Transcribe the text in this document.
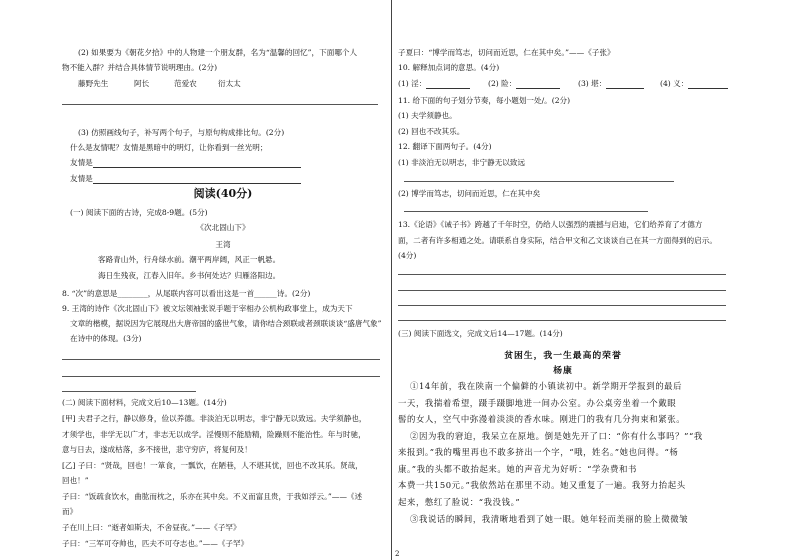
(2) 如果要为《朝花夕拾》中的人物建一个朋友群，名为“温馨的回忆”，下面哪个人
物不能入群？并结合具体情节说明理由。(2分)
藤野先生	阿长	范爱农	衍太太
(3) 仿照画线句子，补写两个句子，与原句构成排比句。(2分)
什么是友情呢？友情是黑暗中的明灯，让你看到一丝光明；
友情是
友情是
阅读(40分)
(一) 阅读下面的古诗，完成8-9题。(5分)
《次北固山下》
王湾
客路青山外，行舟绿水前。潮平两岸阔，风正一帆悬。
海日生残夜，江春入旧年。乡书何处达？归雁洛阳边。
8. “次”的意思是________，从尾联内容可以看出这是一首______诗。(2分)
9. 王湾的诗作《次北固山下》被文坛领袖张说手题于宰相办公机构政事堂上，成为天下
文章的楷模，据说因为它展现出大唐帝国的盛世气象，请你结合颈联或者颈联谈谈“盛唐气象”
在诗中的体现。(3分)
(二) 阅读下面材料，完成文后10—13题。(14分)
[甲] 夫君子之行，静以修身，俭以养德。非淡泊无以明志，非宁静无以致远。夫学须静也，
才须学也，非学无以广才，非志无以成学。淫慢则不能励精，险躁则不能治性。年与时驰，
意与日去，遂成枯落，多不接世，悲守穷庐，将复何及！
[乙] 子曰：“贤哉，回也！一箪食，一瓢饮，在陋巷，人不堪其忧，回也不改其乐。贤哉，
回也！”
子曰：“饭疏食饮水，曲肱而枕之，乐亦在其中矣。不义而富且贵，于我如浮云。”——《述
而》
子在川上曰：“逝者如斯夫，不舍昼夜。”——《子罕》
子曰：“三军可夺帅也，匹夫不可夺志也。”——《子罕》
子夏曰：“博学而笃志，切问而近思，仁在其中矣。”——《子张》
10. 解释加点词的意思。(4分)
(1) 淫：	(2) 险：	(3) 堪：	(4) 义：
11. 给下面的句子划分节奏，每小题划一处/。(2分)
(1) 夫学须静也。
(2) 回也不改其乐。
12. 翻译下面两句子。(4分)
(1) 非淡泊无以明志，非宁静无以致远
(2) 博学而笃志，切问而近思，仁在其中矣
13.《论语》《诫子书》跨越了千年时空，仍给人以强烈的震撼与启迪，它们给养育了才德方
面，二者有许多相通之处。请联系自身实际，结合甲文和乙文谈谈自己在其一方面得到的启示。
(4分)
(三) 阅读下面选文，完成文后14—17题。(14分)
贫困生，我一生最高的荣誉
杨康
①14年前，我在陕南一个偏僻的小镇读初中。新学期开学报到的最后
一天，我揣着希望，蹑手蹑脚地进一间办公室。办公桌旁坐着一个戴眼
髻的女人，空气中弥漫着淡淡的香水味。刚进门的我有几分拘束和紧张。
②因为我的窘迫，我呆立在原地。倒是她先开了口：“你有什么事吗？”“我
来报到。”我的嘴里再也不敢多挤出一个字，“哦，姓名。”她也问得。“杨
康。”我的头都不敢抬起来。她的声音尤为好听：“学杂费和书
本费一共150元。”我依然站在那里不动。她又重复了一遍。我努力抬起头
起来，憋红了脸说：“我没钱。”
③我说话的瞬间，我清晰地看到了她一眼。她年轻而美丽的脸上微微皱
2
